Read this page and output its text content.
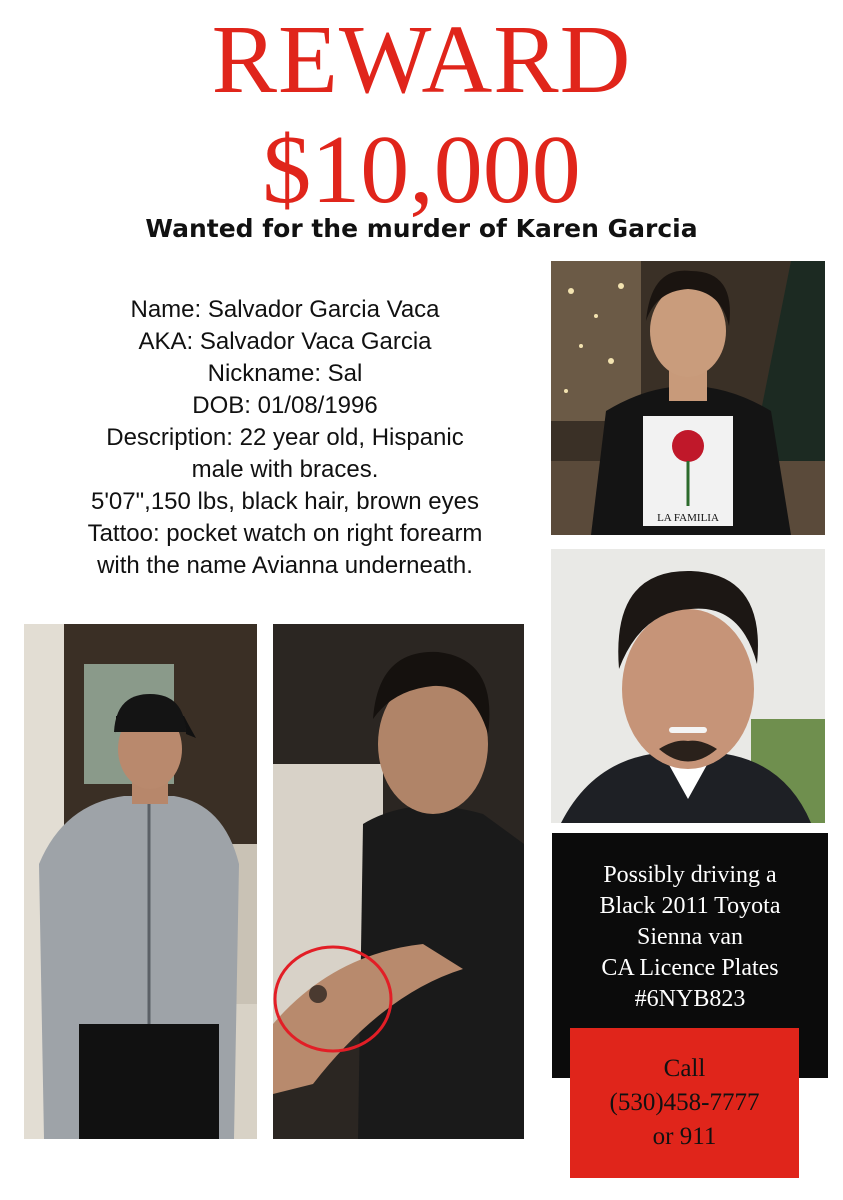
REWARD
$10,000
Wanted for the murder of Karen Garcia
Name: Salvador Garcia Vaca
AKA: Salvador Vaca Garcia
Nickname: Sal
DOB: 01/08/1996
Description: 22 year old, Hispanic
male with braces.
5'07",150 lbs, black hair, brown eyes
Tattoo: pocket watch on right forearm
with the name Avianna underneath.
LA FAMILIA
Possibly driving a
Black 2011 Toyota
Sienna van
CA Licence Plates
#6NYB823
Call
(530)458-7777
or 911
